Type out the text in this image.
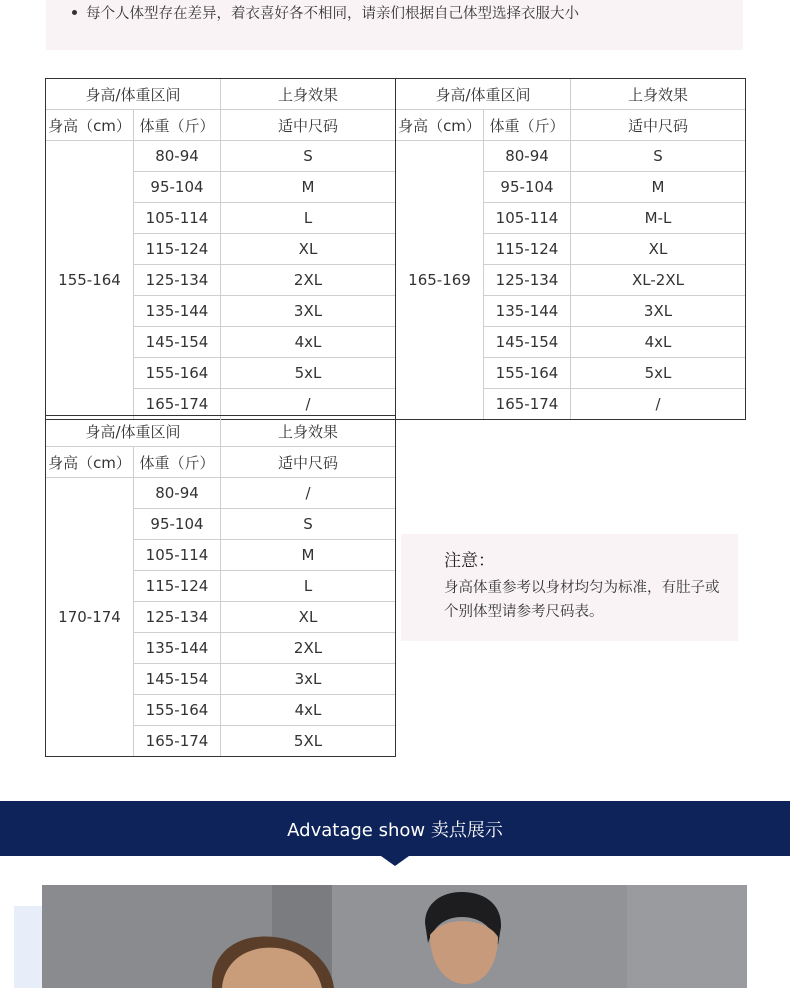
每个人体型存在差异，着衣喜好各不相同，请亲们根据自己体型选择衣服大小
身高/体重区间		上身效果
身高（cm）	体重（斤）	适中尺码
155-164	80-94	S
	95-104	M
	105-114	L
	115-124	XL
	125-134	2XL
	135-144	3XL
	145-154	4xL
	155-164	5xL
	165-174	/
身高/体重区间		上身效果
身高（cm）	体重（斤）	适中尺码
165-169	80-94	S
	95-104	M
	105-114	M-L
	115-124	XL
	125-134	XL-2XL
	135-144	3XL
	145-154	4xL
	155-164	5xL
	165-174	/
身高/体重区间		上身效果
身高（cm）	体重（斤）	适中尺码
170-174	80-94	/
	95-104	S
	105-114	M
	115-124	L
	125-134	XL
	135-144	2XL
	145-154	3xL
	155-164	4xL
	165-174	5XL
注意：
身高体重参考以身材均匀为标准，有肚子或个别体型请参考尺码表。
Advatage show 卖点展示
